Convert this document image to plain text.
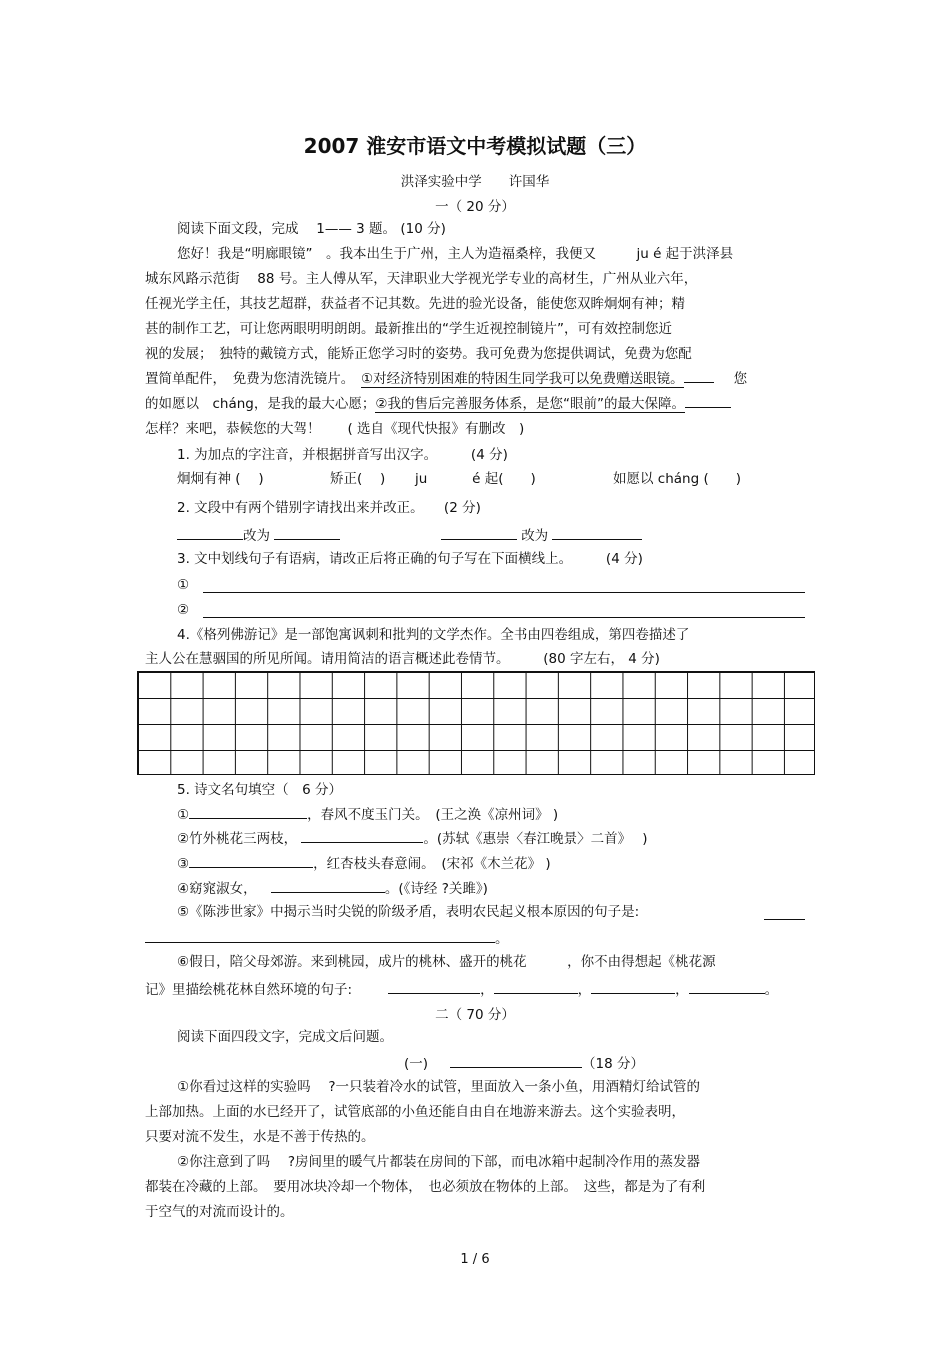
2007 淮安市语文中考模拟试题（三）
洪泽实验中学　　许国华
一（ 20 分）
阅读下面文段，完成　 1—— 3 题。 (10 分)
您好！我是“明廊眼镜”　。我本出生于广州，主人为造福桑梓，我便又　　　ju é 起于洪泽县
城东风路示范街　 88 号。主人傅从军，天津职业大学视光学专业的高材生，广州从业六年，
任视光学主任，其技艺超群，获益者不记其数。先进的验光设备，能使您双眸炯炯有神；精
甚的制作工艺，可让您两眼明明朗朗。最新推出的“学生近视控制镜片”，可有效控制您近
视的发展；　独特的戴镜方式，能矫正您学习时的姿势。我可免费为您提供调试，免费为您配
置简单配件，　免费为您清洗镜片。　①对经济特别困难的特困生同学我可以免费赠送眼镜。	您
的如愿以　cháng，是我的最大心愿；②我的售后完善服务体系，是您“眼前”的最大保障。
怎样？来吧，恭候您的大驾！　　( 选自《现代快报》有删改　)
1. 为加点的字注音，并根据拼音写出汉字。　　　(4 分)
炯炯有神 (　 )	矫正(　 ) ju　　　 é 起(　　)	如愿以 cháng (　　)
2. 文段中有两个错别字请找出来并改正。　　(2 分)
改为	改为
3. 文中划线句子有语病，请改正后将正确的句子写在下面横线上。　　　(4 分)
①
②
4.《格列佛游记》是一部饱寓讽刺和批判的文学杰作。全书由四卷组成，第四卷描述了
主人公在慧骃国的所见所闻。请用简洁的语言概述此卷情节。　　　(80 字左右， 4 分)
5. 诗文名句填空（　6 分）
①	，春风不度玉门关。　(王之涣《凉州词》 )
②竹外桃花三两枝，	。(苏轼《惠崇〈春江晚景〉二首》　 )
③	，红杏枝头春意闹。　(宋祁《木兰花》 )
④窈窕淑女，	。(《诗经 ?关雎》)
⑤《陈涉世家》中揭示当时尖锐的阶级矛盾，表明农民起义根本原因的句子是:
。
⑥假日，陪父母郊游。来到桃园，成片的桃林、盛开的桃花　　　，你不由得想起《桃花源
记》里描绘桃花林自然环境的句子:	，	，	，	。
二（ 70 分）
阅读下面四段文字，完成文后问题。
(一)	（18 分）
①你看过这样的实验吗　 ?一只装着冷水的试管，里面放入一条小鱼，用酒精灯给试管的
上部加热。上面的水已经开了，试管底部的小鱼还能自由自在地游来游去。这个实验表明，
只要对流不发生，水是不善于传热的。
②你注意到了吗　 ?房间里的暖气片都装在房间的下部，而电冰箱中起制冷作用的蒸发器
都装在冷藏的上部。　要用冰块冷却一个物体，　也必须放在物体的上部。　这些，都是为了有利
于空气的对流而设计的。
1 / 6
